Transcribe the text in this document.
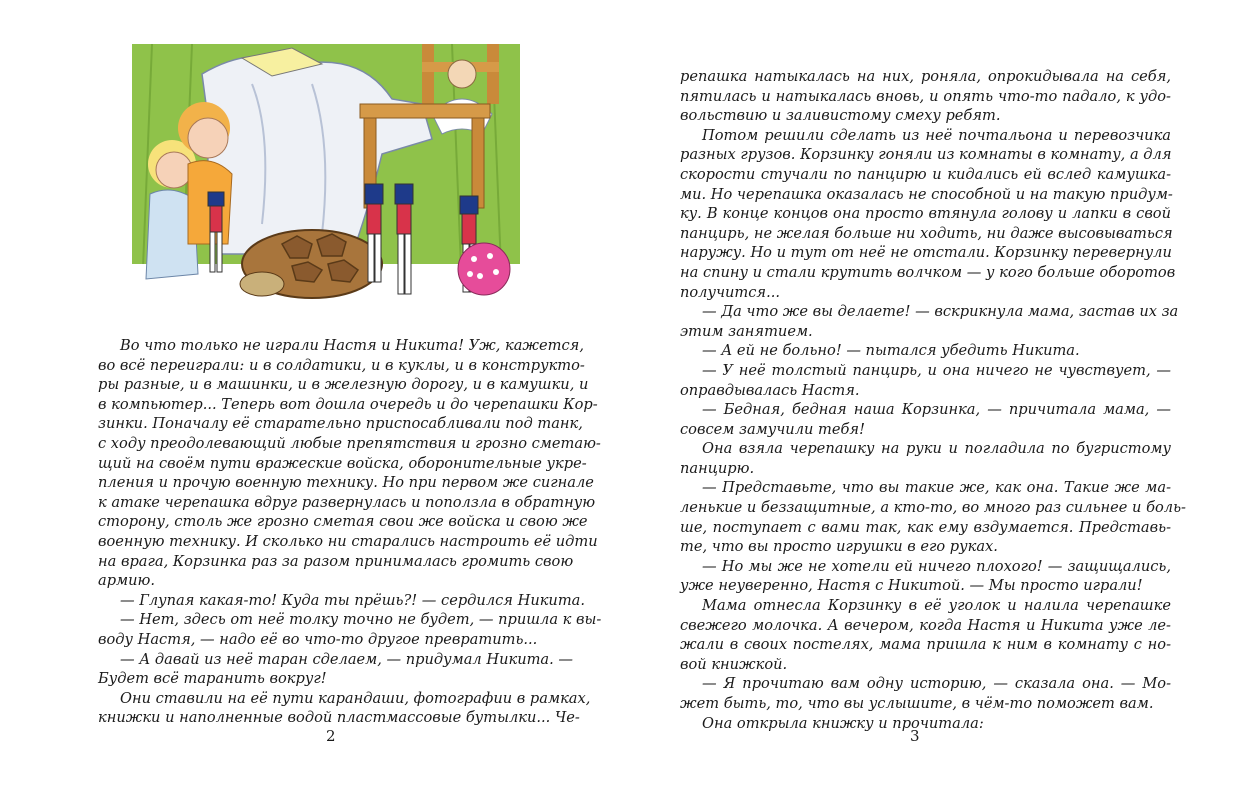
Во что только не играли Настя и Никита! Уж, кажется,
во всё переиграли: и в солдатики, и в куклы, и в конструкто-
ры разные, и в машинки, и в железную дорогу, и в камушки, и
в компьютер... Теперь вот дошла очередь и до черепашки Кор-
зинки. Поначалу её старательно приспосабливали под танк,
с ходу преодолевающий любые препятствия и грозно сметаю-
щий на своём пути вражеские войска, оборонительные укре-
пления и прочую военную технику. Но при первом же сигнале
к атаке черепашка вдруг развернулась и поползла в обратную
сторону, столь же грозно сметая свои же войска и свою же
военную технику. И сколько ни старались настроить её идти
на врага, Корзинка раз за разом принималась громить свою
армию.
— Глупая какая-то! Куда ты прёшь?! — сердился Никита.
— Нет, здесь от неё толку точно не будет, — пришла к вы-
воду Настя, — надо её во что-то другое превратить...
— А давай из неё таран сделаем, — придумал Никита. —
Будет всё таранить вокруг!
Они ставили на её пути карандаши, фотографии в рамках,
книжки и наполненные водой пластмассовые бутылки... Че-
2
репашка натыкалась на них, роняла, опрокидывала на себя,
пятилась и натыкалась вновь, и опять что-то падало, к удо-
вольствию и заливистому смеху ребят.
Потом решили сделать из неё почтальона и перевозчика
разных грузов. Корзинку гоняли из комнаты в комнату, а для
скорости стучали по панцирю и кидались ей вслед камушка-
ми. Но черепашка оказалась не способной и на такую придум-
ку. В конце концов она просто втянула голову и лапки в свой
панцирь, не желая больше ни ходить, ни даже высовываться
наружу. Но и тут от неё не отстали. Корзинку перевернули
на спину и стали крутить волчком — у кого больше оборотов
получится...
— Да что же вы делаете! — вскрикнула мама, застав их за
этим занятием.
— А ей не больно! — пытался убедить Никита.
— У неё толстый панцирь, и она ничего не чувствует, —
оправдывалась Настя.
— Бедная, бедная наша Корзинка, — причитала мама, —
совсем замучили тебя!
Она взяла черепашку на руки и погладила по бугристому
панцирю.
— Представьте, что вы такие же, как она. Такие же ма-
ленькие и беззащитные, а кто-то, во много раз сильнее и боль-
ше, поступает с вами так, как ему вздумается. Представь-
те, что вы просто игрушки в его руках.
— Но мы же не хотели ей ничего плохого! — защищались,
уже неуверенно, Настя с Никитой. — Мы просто играли!
Мама отнесла Корзинку в её уголок и налила черепашке
свежего молочка. А вечером, когда Настя и Никита уже ле-
жали в своих постелях, мама пришла к ним в комнату с но-
вой книжкой.
— Я прочитаю вам одну историю, — сказала она. — Мо-
жет быть, то, что вы услышите, в чём-то поможет вам.
Она открыла книжку и прочитала:
3
